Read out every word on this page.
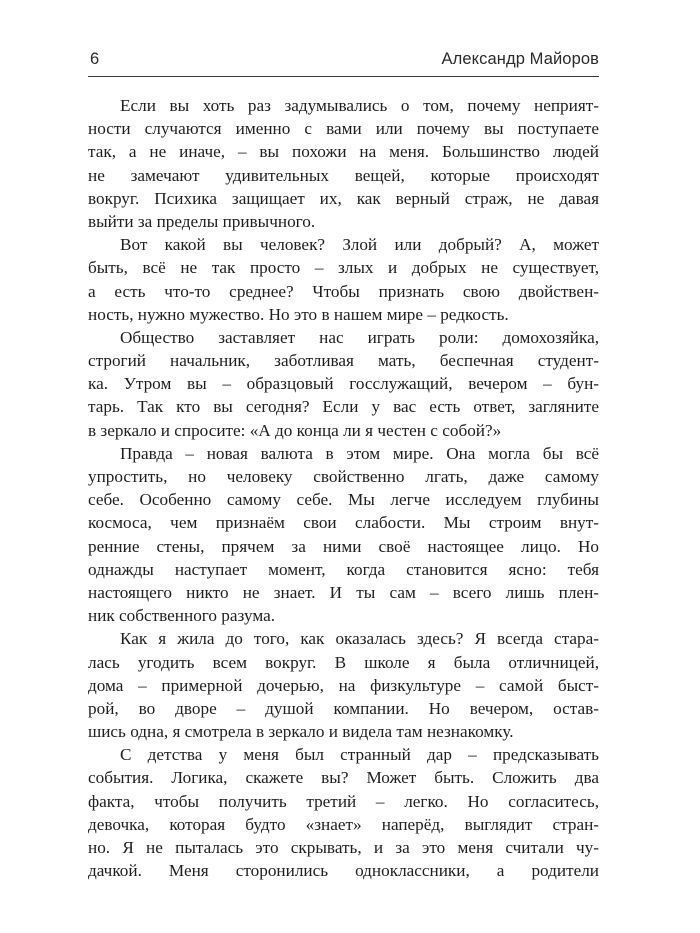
6	Александр Майоров
Если вы хоть раз задумывались о том, почему неприят-
ности случаются именно с вами или почему вы поступаете
так, а не иначе, – вы похожи на меня. Большинство людей
не замечают удивительных вещей, которые происходят
вокруг. Психика защищает их, как верный страж, не давая
выйти за пределы привычного.
Вот какой вы человек? Злой или добрый? А, может
быть, всё не так просто – злых и добрых не существует,
а есть что-то среднее? Чтобы признать свою двойствен-
ность, нужно мужество. Но это в нашем мире – редкость.
Общество заставляет нас играть роли: домохозяйка,
строгий начальник, заботливая мать, беспечная студент-
ка. Утром вы – образцовый госслужащий, вечером – бун-
тарь. Так кто вы сегодня? Если у вас есть ответ, загляните
в зеркало и спросите: «А до конца ли я честен с собой?»
Правда – новая валюта в этом мире. Она могла бы всё
упростить, но человеку свойственно лгать, даже самому
себе. Особенно самому себе. Мы легче исследуем глубины
космоса, чем признаём свои слабости. Мы строим внут-
ренние стены, прячем за ними своё настоящее лицо. Но
однажды наступает момент, когда становится ясно: тебя
настоящего никто не знает. И ты сам – всего лишь плен-
ник собственного разума.
Как я жила до того, как оказалась здесь? Я всегда стара-
лась угодить всем вокруг. В школе я была отличницей,
дома – примерной дочерью, на физкультуре – самой быст-
рой, во дворе – душой компании. Но вечером, остав-
шись одна, я смотрела в зеркало и видела там незнакомку.
С детства у меня был странный дар – предсказывать
события. Логика, скажете вы? Может быть. Сложить два
факта, чтобы получить третий – легко. Но согласитесь,
девочка, которая будто «знает» наперёд, выглядит стран-
но. Я не пыталась это скрывать, и за это меня считали чу-
дачкой. Меня сторонились одноклассники, а родители
